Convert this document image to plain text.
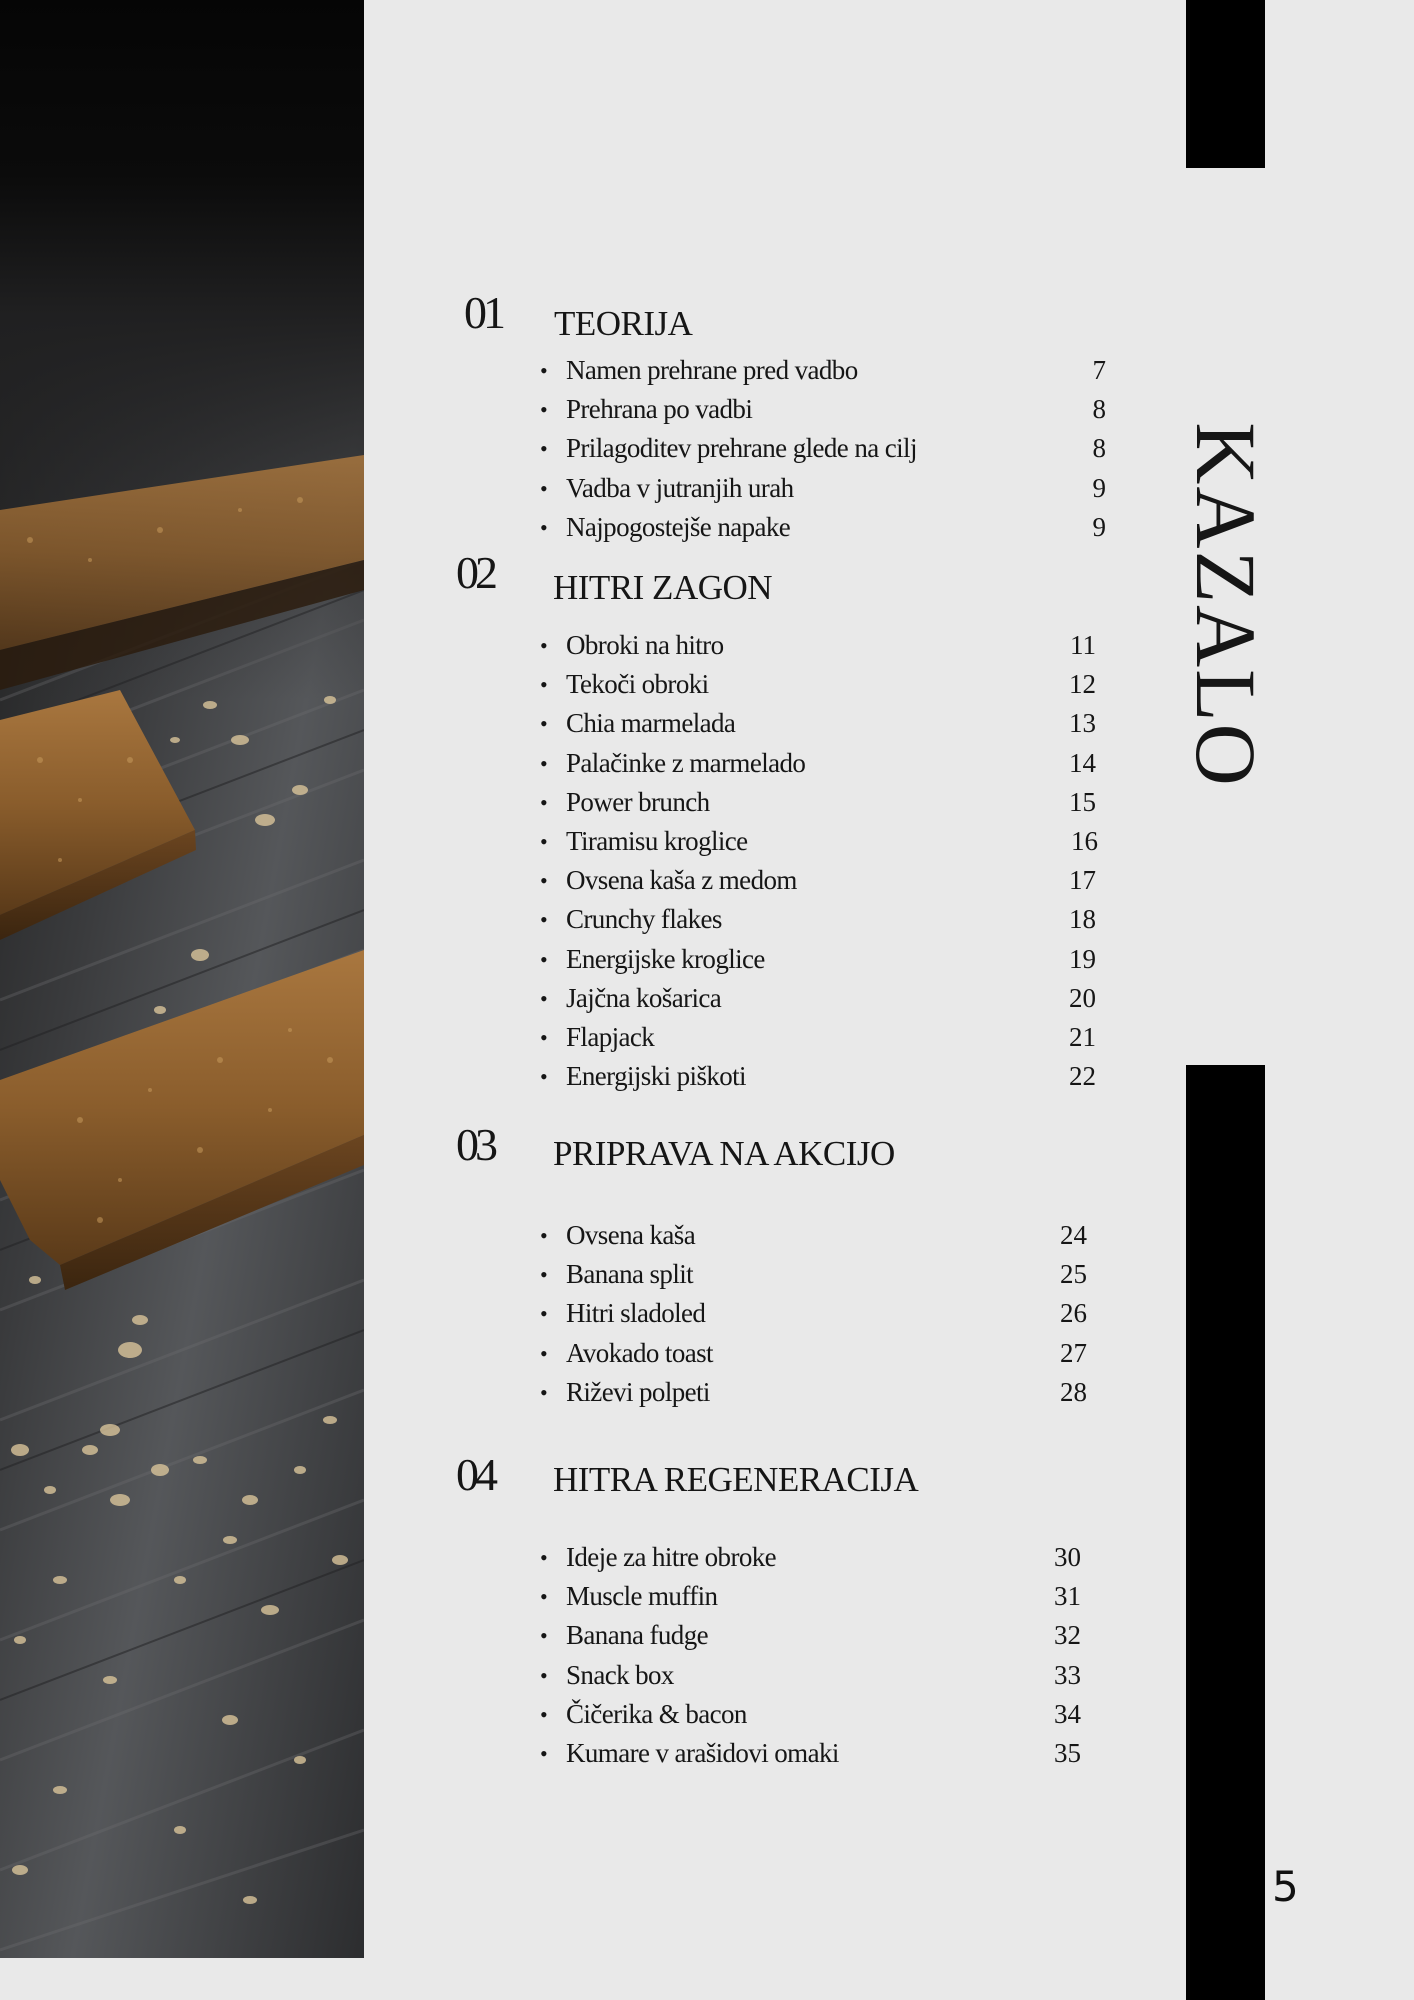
KAZALO
5
01 TEORIJA
• Namen prehrane pred vadbo	7
• Prehrana po vadbi	8
• Prilagoditev prehrane glede na cilj	8
• Vadba v jutranjih urah	9
• Najpogostejše napake	9
02 HITRI ZAGON
• Obroki na hitro	11
• Tekoči obroki	12
• Chia marmelada	13
• Palačinke z marmelado	14
• Power brunch	15
• Tiramisu kroglice	16
• Ovsena kaša z medom	17
• Crunchy flakes	18
• Energijske kroglice	19
• Jajčna košarica	20
• Flapjack	21
• Energijski piškoti	22
03 PRIPRAVA NA AKCIJO
• Ovsena kaša	24
• Banana split	25
• Hitri sladoled	26
• Avokado toast	27
• Riževi polpeti	28
04 HITRA REGENERACIJA
• Ideje za hitre obroke	30
• Muscle muffin	31
• Banana fudge	32
• Snack box	33
• Čičerika & bacon	34
• Kumare v arašidovi omaki	35
